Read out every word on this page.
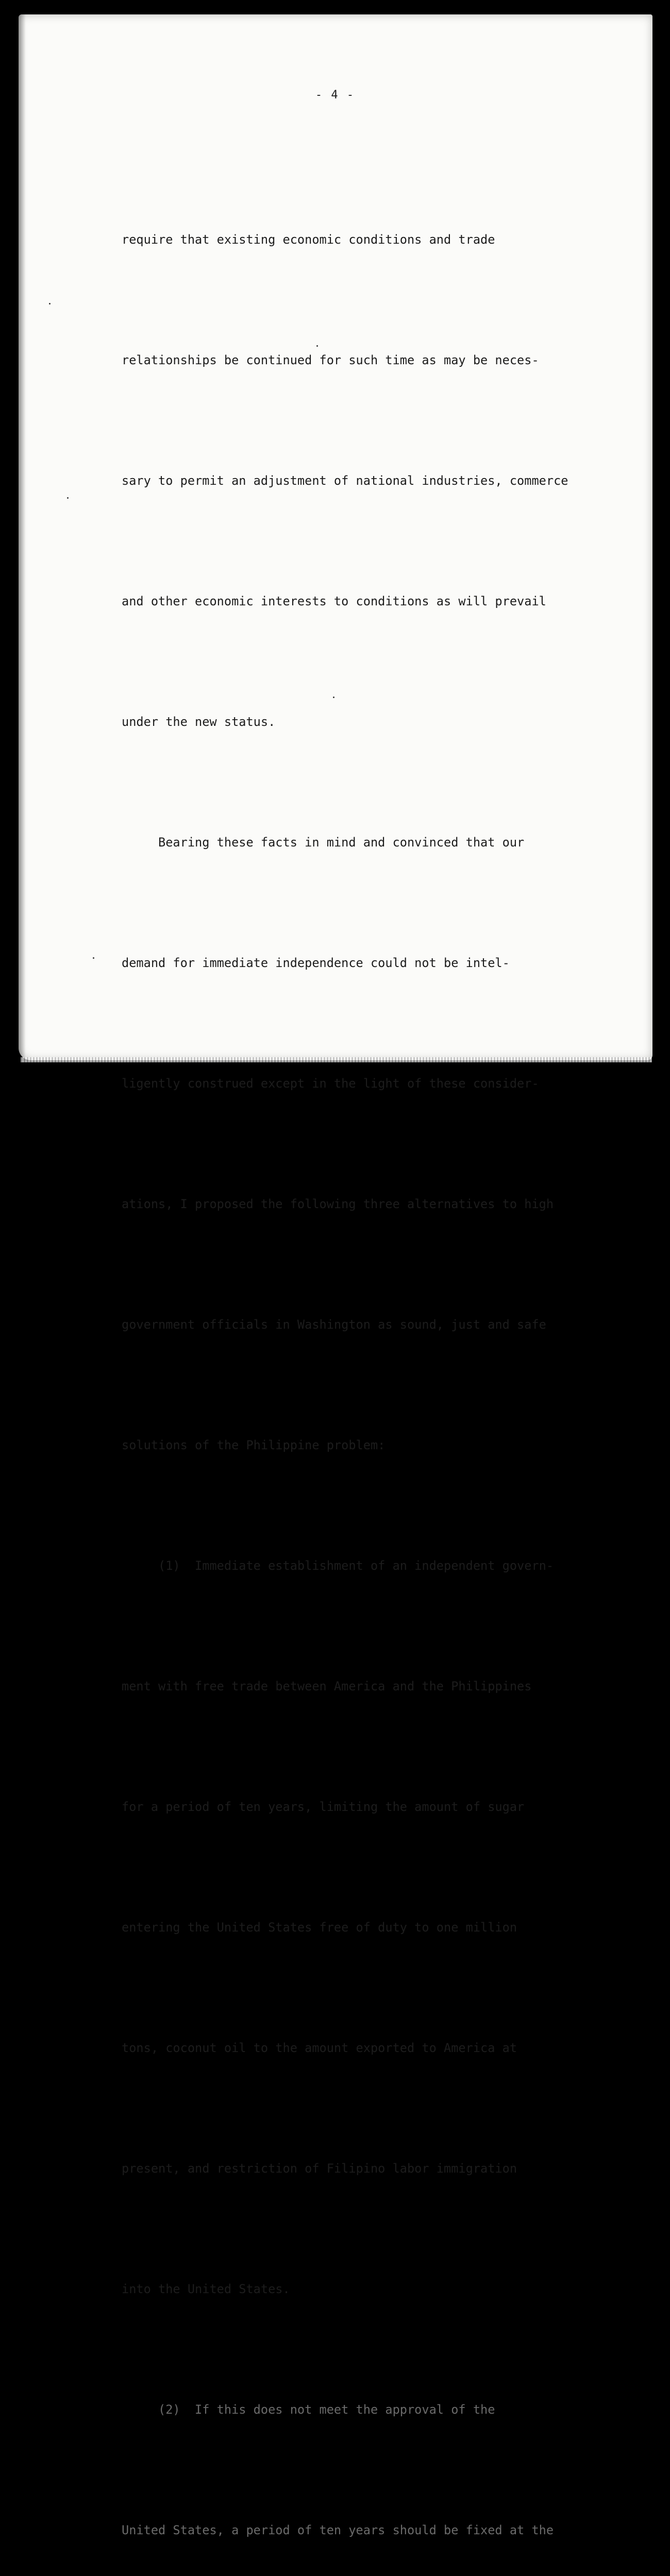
- 4 -

require that existing economic conditions and trade

relationships be continued for such time as may be neces-

sary to permit an adjustment of national industries, commerce

and other economic interests to conditions as will prevail

under the new status.

Bearing these facts in mind and convinced that our

demand for immediate independence could not be intel-

ligently construed except in the light of these consider-

ations, I proposed the following three alternatives to high

government officials in Washington as sound, just and safe

solutions of the Philippine problem:

(1)  Immediate establishment of an independent govern-

ment with free trade between America and the Philippines

for a period of ten years, limiting the amount of sugar

entering the United States free of duty to one million

tons, coconut oil to the amount exported to America at

present, and restriction of Filipino labor immigration

into the United States.

(2)  If this does not meet the approval of the

United States, a period of ten years should be fixed at the
